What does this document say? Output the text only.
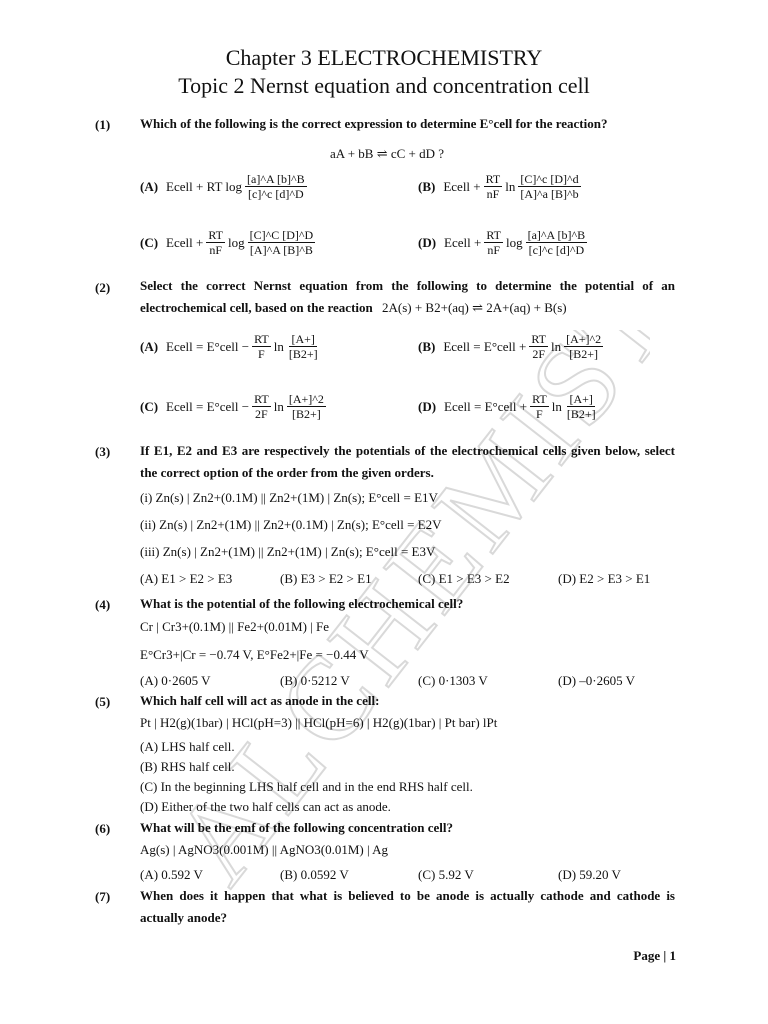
ALCHEMIST
Chapter 3 ELECTROCHEMISTRY
Topic 2 Nernst equation and concentration cell
(1) Which of the following is the correct expression to determine E°cell for the reaction?
aA + bB ⇌ cC + dD ?
(A) Ecell + RT $\log \frac{[a]\^{}A [b]\^{}B}{[c]\^{}c [d]\^{}D}$	(B) Ecell + $\frac{RT}{nF}$ $\ln \frac{[C]\^{}c [D]\^{}d}{[A]\^{}a [B]\^{}b}$
(C) Ecell + $\frac{RT}{nF}$ $\log \frac{[C]\^{}C [D]\^{}D}{[A]\^{}A [B]\^{}B}$	(D) Ecell + $\frac{RT}{nF}$ $\log \frac{[a]\^{}A [b]\^{}B}{[c]\^{}c [d]\^{}D}$
(2) Select the correct Nernst equation from the following to determine the potential of an electrochemical cell, based on the reaction 2A(s) + B2+(aq) ⇌ 2A+(aq) + B(s)
(A) Ecell = E°cell − $\frac{RT}{F}$ $\ln \frac{[A+]}{[B2+]}$	(B) Ecell = E°cell + $\frac{RT}{2F}$ $\ln \frac{[A+]\^{}2}{[B2+]}$
(C) Ecell = E°cell − $\frac{RT}{2F}$ $\ln \frac{[A+]\^{}2}{[B2+]}$	(D) Ecell = E°cell + $\frac{RT}{F}$ $\ln \frac{[A+]}{[B2+]}$
(3) If E1, E2 and E3 are respectively the potentials of the electrochemical cells given below, select the correct option of the order from the given orders.
(i) Zn(s) | Zn2+(0.1M) || Zn2+(1M) | Zn(s); E°cell = E1V
(ii) Zn(s) | Zn2+(1M) || Zn2+(0.1M) | Zn(s); E°cell = E2V
(iii) Zn(s) | Zn2+(1M) || Zn2+(1M) | Zn(s); E°cell = E3V
(A) E1 > E2 > E3	(B) E3 > E2 > E1	(C) E1 > E3 > E2	(D) E2 > E3 > E1
(4) What is the potential of the following electrochemical cell?
Cr | Cr3+(0.1M) || Fe2+(0.01M) | Fe
E°Cr3+|Cr = −0.74 V, E°Fe2+|Fe = −0.44 V
(A) 0·2605 V	(B) 0·5212 V	(C) 0·1303 V	(D) –0·2605 V
(5) Which half cell will act as anode in the cell:
Pt | H2(g)(1bar) | HCl(pH=3) || HCl(pH=6) | H2(g)(1bar) | Pt bar) lPt
(A) LHS half cell.
(B) RHS half cell.
(C) In the beginning LHS half cell and in the end RHS half cell.
(D) Either of the two half cells can act as anode.
(6) What will be the emf of the following concentration cell?
Ag(s) | AgNO3(0.001M) || AgNO3(0.01M) | Ag
(A) 0.592 V	(B) 0.0592 V	(C) 5.92 V	(D) 59.20 V
(7) When does it happen that what is believed to be anode is actually cathode and cathode is actually anode?
Page | 1
